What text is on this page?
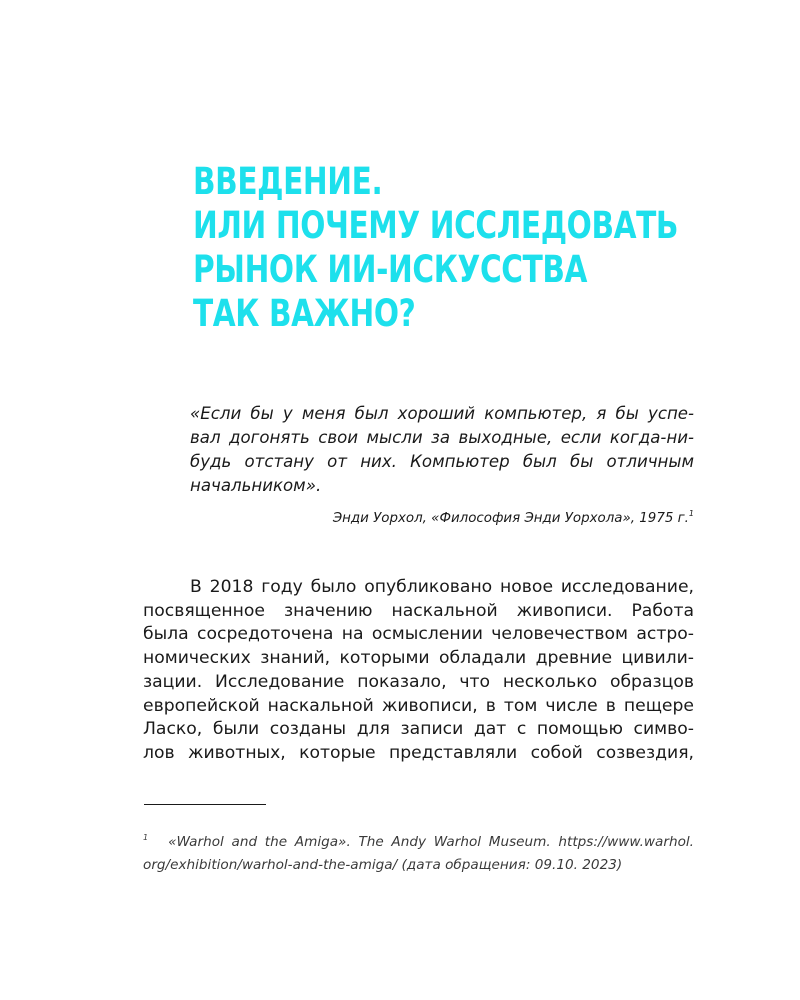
ВВЕДЕНИЕ.
ИЛИ ПОЧЕМУ ИССЛЕДОВАТЬ
РЫНОК ИИ-ИСКУССТВА
ТАК ВАЖНО?
«Если бы у меня был хороший компьютер, я бы успе-
вал догонять свои мысли за выходные, если когда-ни-
будь отстану от них. Компьютер был бы отличным
начальником».

Энди Уорхол, «Философия Энди Уорхола», 1975 г.$^1$

В 2018 году было опубликовано новое исследование,
посвященное значению наскальной живописи. Работа
была сосредоточена на осмыслении человечеством астро-
номических знаний, которыми обладали древние цивили-
зации. Исследование показало, что несколько образцов
европейской наскальной живописи, в том числе в пещере
Ласко, были созданы для записи дат с помощью симво-
лов животных, которые представляли собой созвездия,
$^1$ «Warhol and the Amiga». The Andy Warhol Museum. https://www.warhol.
org/exhibition/warhol-and-the-amiga/ (дата обращения: 09.10. 2023)
